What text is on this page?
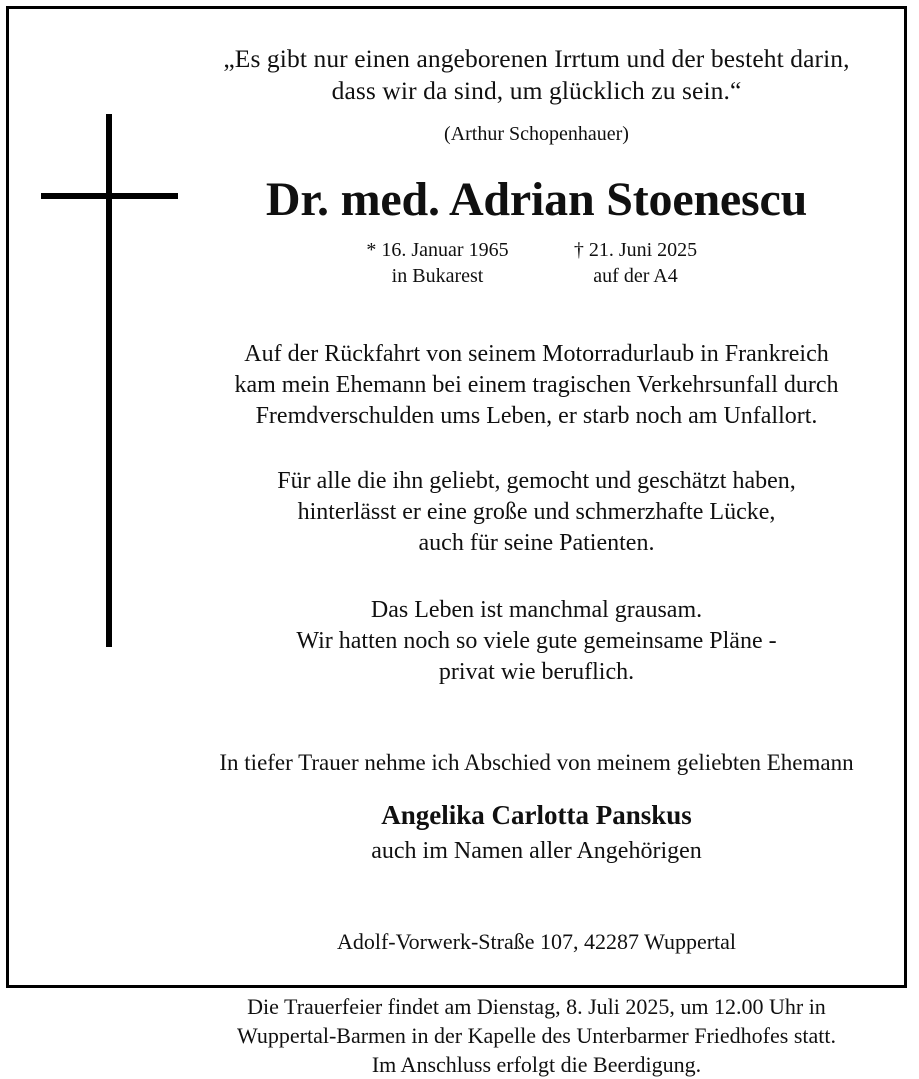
„Es gibt nur einen angeborenen Irrtum und der besteht darin, dass wir da sind, um glücklich zu sein.“
(Arthur Schopenhauer)
Dr. med. Adrian Stoenescu
* 16. Januar 1965
in Bukarest
† 21. Juni 2025
auf der A4
Auf der Rückfahrt von seinem Motorradurlaub in Frankreich
kam mein Ehemann bei einem tragischen Verkehrsunfall durch
Fremdverschulden ums Leben, er starb noch am Unfallort.
Für alle die ihn geliebt, gemocht und geschätzt haben,
hinterlässt er eine große und schmerzhafte Lücke,
auch für seine Patienten.
Das Leben ist manchmal grausam.
Wir hatten noch so viele gute gemeinsame Pläne -
privat wie beruflich.
In tiefer Trauer nehme ich Abschied von meinem geliebten Ehemann
Angelika Carlotta Panskus
auch im Namen aller Angehörigen
Adolf-Vorwerk-Straße 107, 42287 Wuppertal
Die Trauerfeier findet am Dienstag, 8. Juli 2025, um 12.00 Uhr in
Wuppertal-Barmen in der Kapelle des Unterbarmer Friedhofes statt.
Im Anschluss erfolgt die Beerdigung.
